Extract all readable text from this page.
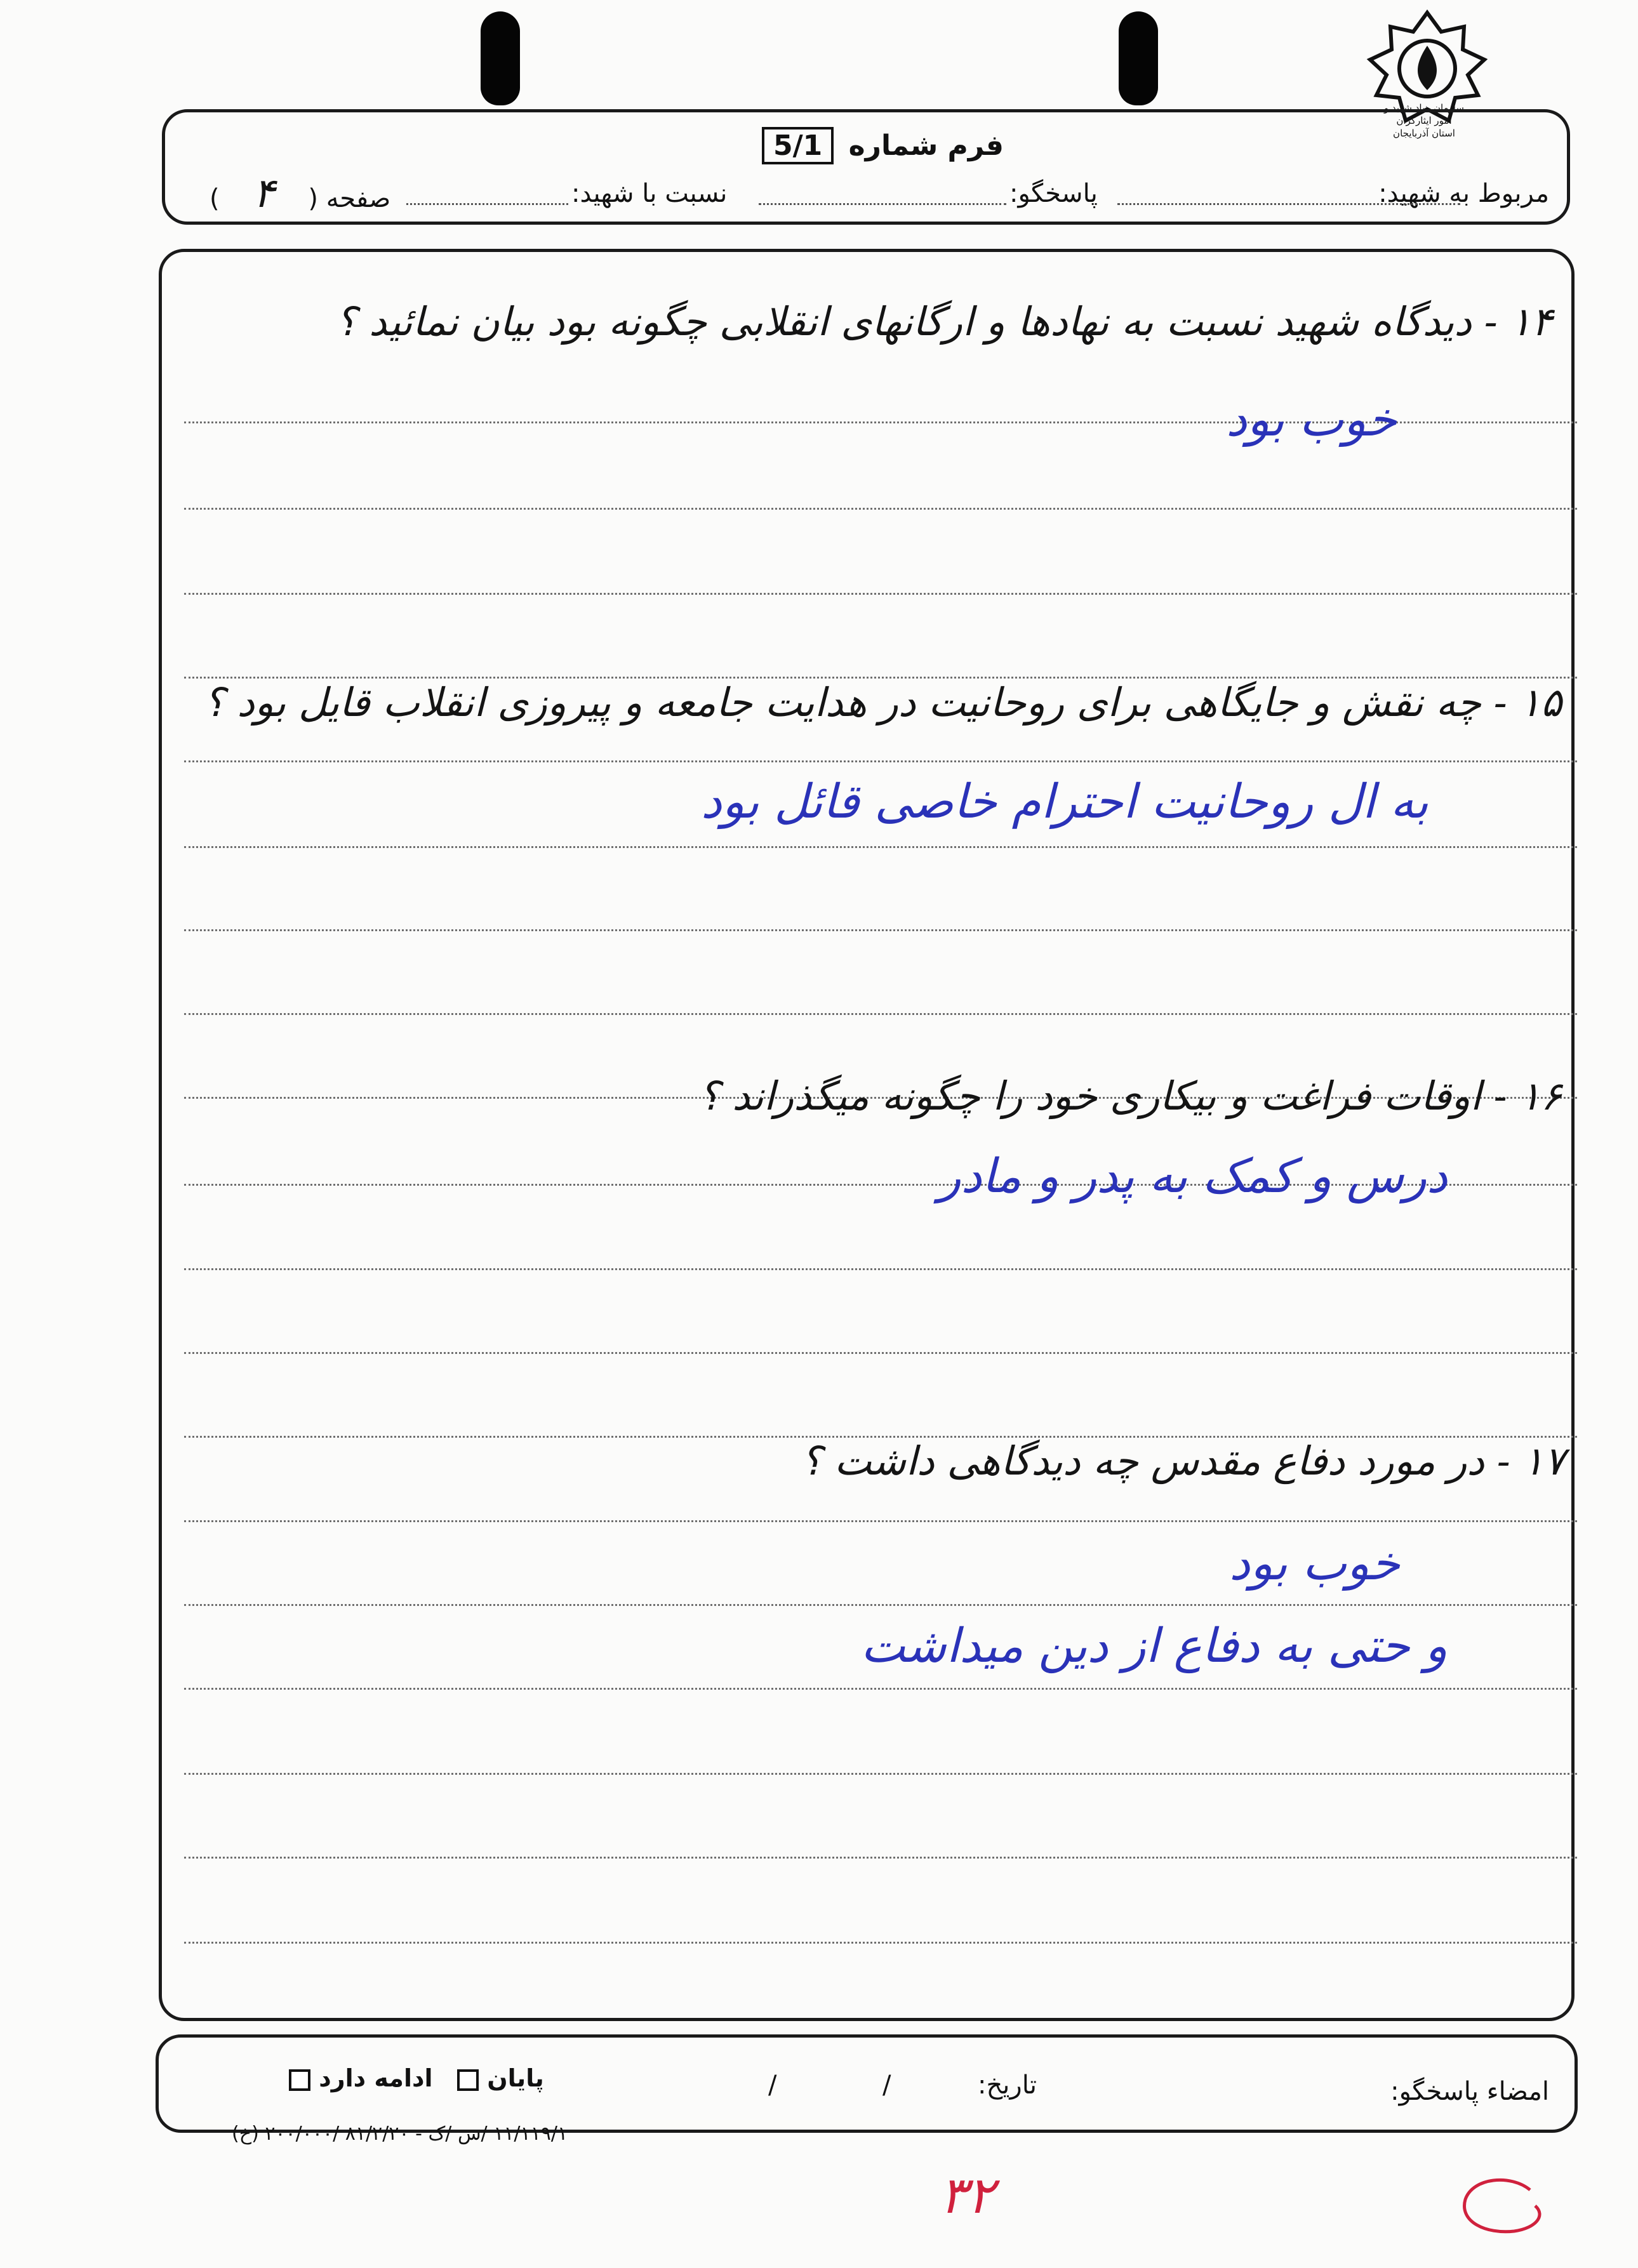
سازمان بنیاد شهید و امور ایثارگران
استان آذربایجان
فرم شماره 5/1
مربوط به شهید:
پاسخگو:
نسبت با شهید:
صفحه ( ۴ )
۱۴ - دیدگاه شهید نسبت به نهادها و ارگانهای انقلابی چگونه بود بیان نمائید ؟
خوب بود
۱۵ - چه نقش و جایگاهی برای روحانیت در هدایت جامعه و پیروزی انقلاب قایل بود ؟
به ال روحانیت احترام خاصی قائل بود
۱۶ - اوقات فراغت و بیکاری خود را چگونه میگذراند ؟
درس و کمک به پدر و مادر
۱۷ - در مورد دفاع مقدس چه دیدگاهی داشت ؟
خوب بود
و حتی به دفاع از دین میداشت
امضاء پاسخگو:
تاریخ:
/
/
پایان
ادامه دارد
۱۱/۱۱۹/۱ /س /ک - ۸۱/۲/۲۰ /۲۰۰/۰۰۰ (خ)
۳۲
